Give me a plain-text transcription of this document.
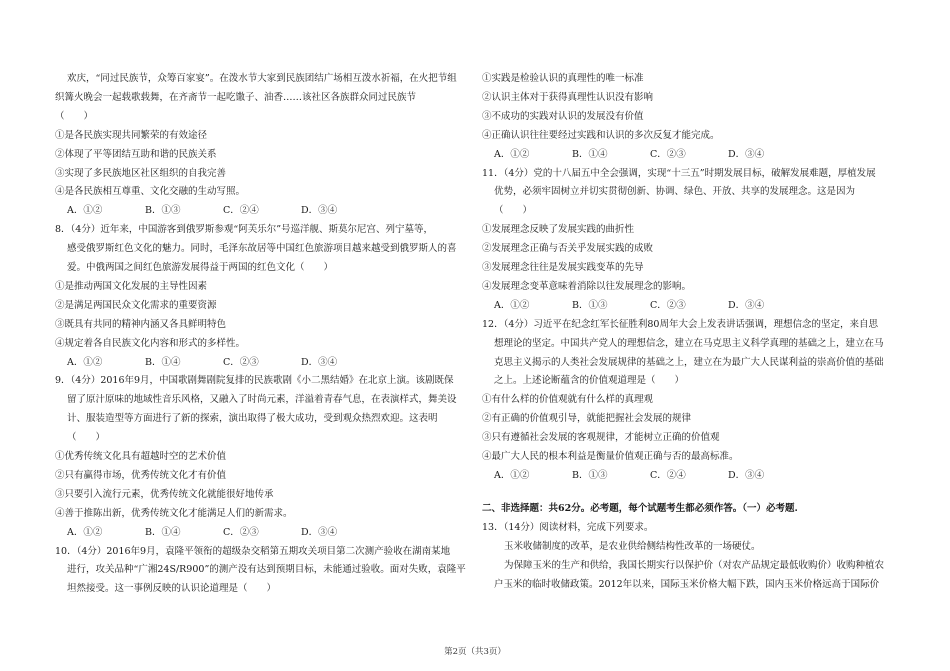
欢庆，“同过民族节，众筹百家宴”。在泼水节大家到民族团结广场相互泼水祈福，在火把节组
织篝火晚会一起载歌载舞，在齐斋节一起吃馓子、油香……该社区各族群众同过民族节
（　　）
①是各民族实现共同繁荣的有效途径
②体现了平等团结互助和谐的民族关系
③实现了多民族地区社区组织的自我完善
④是各民族相互尊重、文化交融的生动写照。
A．①②	B．①③	C．②④	D．③④
8．（4分）近年来，中国游客到俄罗斯参观“阿芙乐尔”号巡洋舰、斯莫尔尼宫、列宁墓等，
感受俄罗斯红色文化的魅力。同时，毛泽东故居等中国红色旅游项目越来越受到俄罗斯人的喜
爱。中俄两国之间红色旅游发展得益于两国的红色文化（　　）
①是推动两国文化发展的主导性因素
②是满足两国民众文化需求的重要资源
③既具有共同的精神内涵又各具鲜明特色
④规定着各自民族文化内容和形式的多样性。
A．①②	B．①④	C．②③	D．③④
9．（4分）2016年9月，中国歌剧舞剧院复排的民族歌剧《小二黑结婚》在北京上演。该剧既保
留了原汁原味的地域性音乐风格，又融入了时尚元素，洋溢着青春气息，在表演样式，舞美设
计、服装造型等方面进行了新的探索，演出取得了极大成功，受到观众热烈欢迎。这表明
（　　）
①优秀传统文化具有超越时空的艺术价值
②只有赢得市场，优秀传统文化才有价值
③只要引入流行元素，优秀传统文化就能很好地传承
④善于推陈出新，优秀传统文化才能满足人们的新需求。
A．①②	B．①④	C．②③	D．③④
10．（4分）2016年9月，袁隆平领衔的超级杂交稻第五期攻关项目第二次测产验收在湖南某地
进行，攻关品种“广湘24S/R900”的测产没有达到预期目标，未能通过验收。面对失败，袁隆平
坦然接受。这一事例反映的认识论道理是（　　）
①实践是检验认识的真理性的唯一标准
②认识主体对于获得真理性认识没有影响
③不成功的实践对认识的发展没有价值
④正确认识往往要经过实践和认识的多次反复才能完成。
A．①②	B．①④	C．②③	D．③④
11．（4分）党的十八届五中全会强调，实现“十三五”时期发展目标，破解发展难题，厚植发展
优势，必须牢固树立并切实贯彻创新、协调、绿色、开放、共享的发展理念。这是因为
（　　）
①发展理念反映了发展实践的曲折性
②发展理念正确与否关乎发展实践的成败
③发展理念往往是发展实践变革的先导
④发展理念变革意味着消除以往发展理念的影响。
A．①②	B．①③	C．②③	D．③④
12．（4分）习近平在纪念红军长征胜利80周年大会上发表讲话强调，理想信念的坚定，来自思
想理论的坚定。中国共产党人的理想信念，建立在马克思主义科学真理的基础之上，建立在马
克思主义揭示的人类社会发展规律的基础之上，建立在为最广大人民谋利益的崇高价值的基础
之上。上述论断蕴含的价值观道理是（　　）
①有什么样的价值观就有什么样的真理观
②有正确的价值观引导，就能把握社会发展的规律
③只有遵循社会发展的客观规律，才能树立正确的价值观
④最广大人民的根本利益是衡量价值观正确与否的最高标准。
A．①②	B．①③	C．②④	D．③④
二、非选择题：共62分。必考题，每个试题考生都必须作答。（一）必考题.
13．（14分）阅读材料，完成下列要求。
玉米收储制度的改革，是农业供给侧结构性改革的一场硬仗。
为保障玉米的生产和供给，我国长期实行以保护价（对农产品规定最低收购价）收购种植农
户玉米的临时收储政策。2012年以来，国际玉米价格大幅下跌，国内玉米价格远高于国际价
第2页（共3页）
